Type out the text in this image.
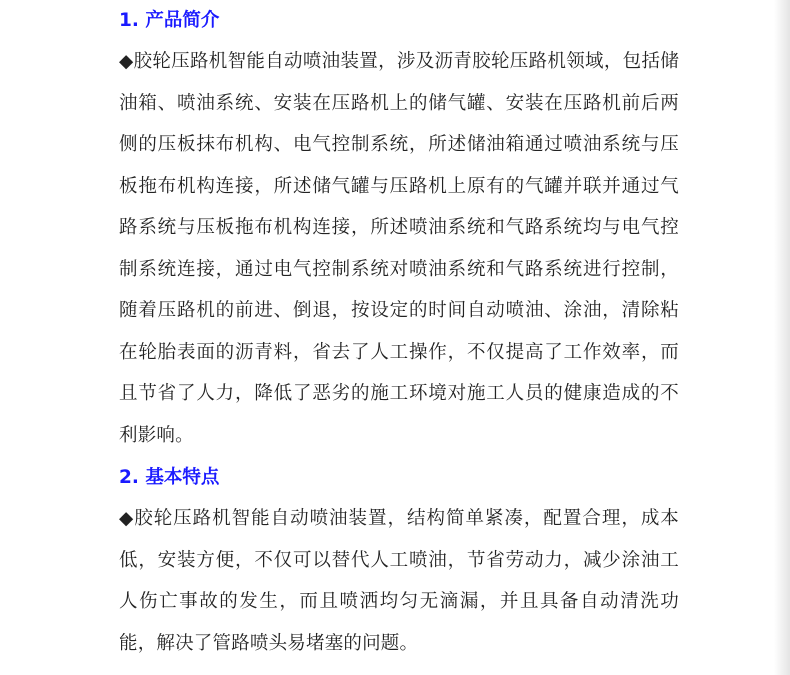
1. 产品简介

◆胶轮压路机智能自动喷油装置，涉及沥青胶轮压路机领域，包括储油箱、喷油系统、安装在压路机上的储气罐、安装在压路机前后两侧的压板抹布机构、电气控制系统，所述储油箱通过喷油系统与压板拖布机构连接，所述储气罐与压路机上原有的气罐并联并通过气路系统与压板拖布机构连接，所述喷油系统和气路系统均与电气控制系统连接，通过电气控制系统对喷油系统和气路系统进行控制，随着压路机的前进、倒退，按设定的时间自动喷油、涂油，清除粘在轮胎表面的沥青料，省去了人工操作，不仅提高了工作效率，而且节省了人力，降低了恶劣的施工环境对施工人员的健康造成的不利影响。

2. 基本特点

◆胶轮压路机智能自动喷油装置，结构简单紧凑，配置合理，成本低，安装方便，不仅可以替代人工喷油，节省劳动力，减少涂油工人伤亡事故的发生，而且喷洒均匀无滴漏，并且具备自动清洗功能，解决了管路喷头易堵塞的问题。
